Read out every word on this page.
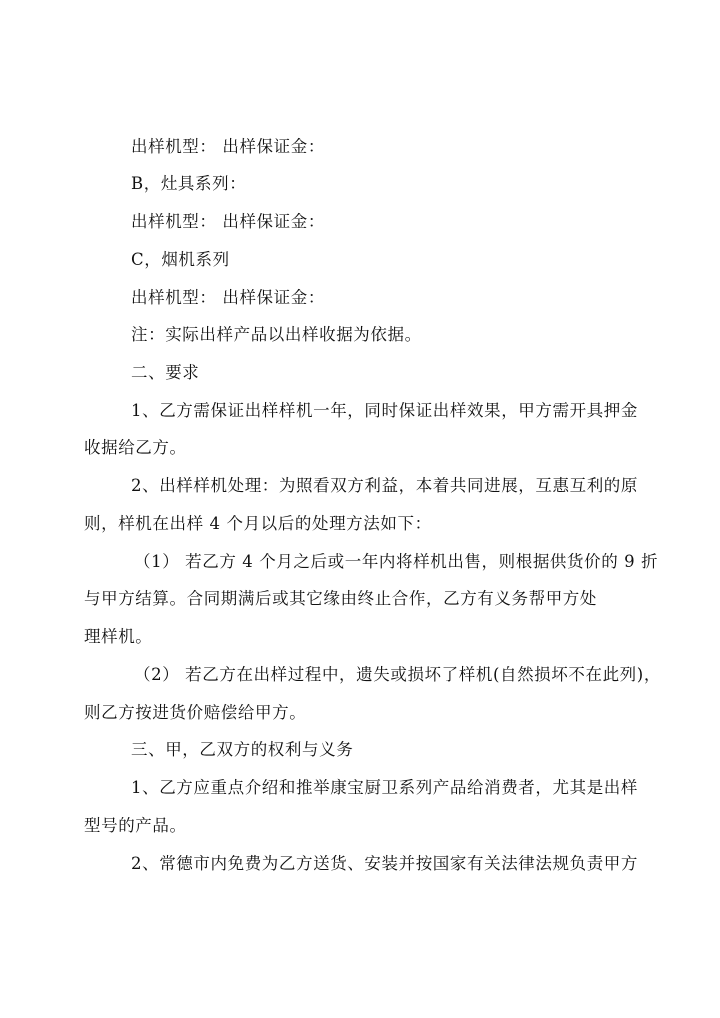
出样机型： 出样保证金：
B，灶具系列：
出样机型： 出样保证金：
C，烟机系列
出样机型： 出样保证金：
注：实际出样产品以出样收据为依据。
二、要求
1、乙方需保证出样样机一年，同时保证出样效果，甲方需开具押金
收据给乙方。
2、出样样机处理：为照看双方利益，本着共同进展，互惠互利的原
则，样机在出样 4 个月以后的处理方法如下：
（1） 若乙方 4 个月之后或一年内将样机出售，则根据供货价的 9 折
与甲方结算。合同期满后或其它缘由终止合作，乙方有义务帮甲方处
理样机。
（2） 若乙方在出样过程中，遗失或损坏了样机(自然损坏不在此列)，
则乙方按进货价赔偿给甲方。
三、甲，乙双方的权利与义务
1、乙方应重点介绍和推举康宝厨卫系列产品给消费者，尤其是出样
型号的产品。
2、常德市内免费为乙方送货、安装并按国家有关法律法规负责甲方
